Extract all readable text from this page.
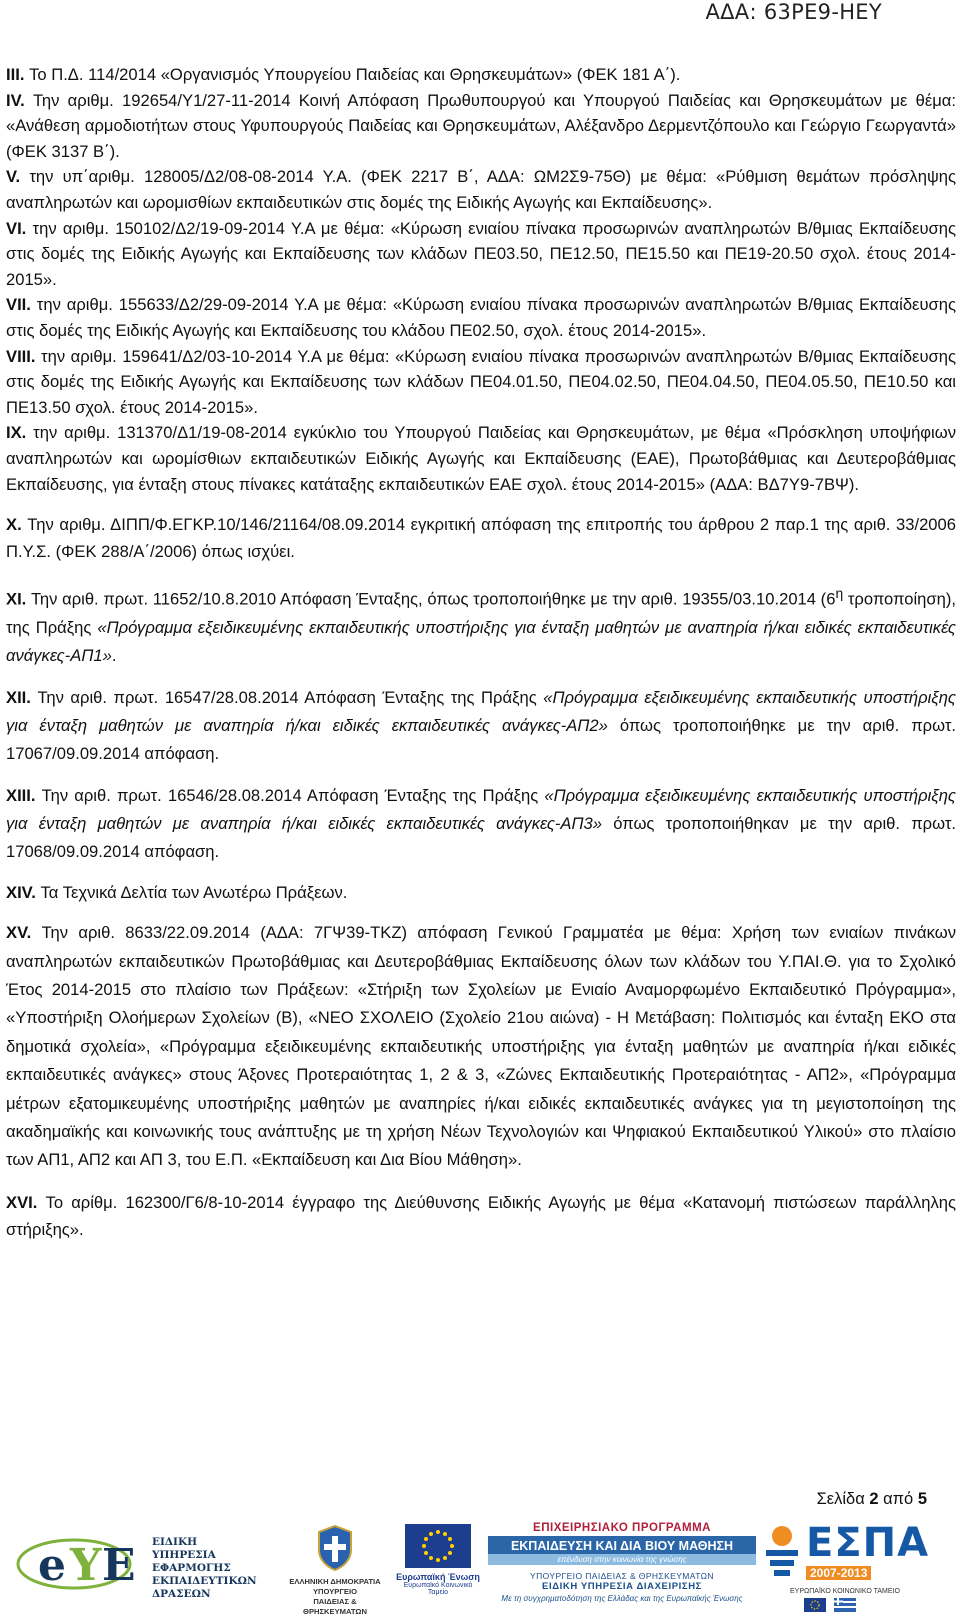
ΑΔΑ: 63ΡΕ9-ΗΕΥ

III. Το Π.Δ. 114/2014 «Οργανισμός Υπουργείου Παιδείας και Θρησκευμάτων» (ΦΕΚ 181 Α΄).

IV. Την αριθμ. 192654/Υ1/27-11-2014 Κοινή Απόφαση Πρωθυπουργού και Υπουργού Παιδείας και Θρησκευμάτων με θέμα: «Ανάθεση αρμοδιοτήτων στους Υφυπουργούς Παιδείας και Θρησκευμάτων, Αλέξανδρο Δερμεντζόπουλο και Γεώργιο Γεωργαντά» (ΦΕΚ 3137 Β΄).

V. την υπ΄αριθμ. 128005/Δ2/08-08-2014 Υ.Α. (ΦΕΚ 2217 Β΄, ΑΔΑ: ΩΜ2Σ9-75Θ) με θέμα: «Ρύθμιση θεμάτων πρόσληψης αναπληρωτών και ωρομισθίων εκπαιδευτικών στις δομές της Ειδικής Αγωγής και Εκπαίδευσης».

VI. την αριθμ. 150102/Δ2/19-09-2014 Υ.Α με θέμα: «Κύρωση ενιαίου πίνακα προσωρινών αναπληρωτών Β/θμιας Εκπαίδευσης στις δομές της Ειδικής Αγωγής και Εκπαίδευσης των κλάδων ΠΕ03.50, ΠΕ12.50, ΠΕ15.50 και ΠΕ19-20.50 σχολ. έτους 2014-2015».

VII. την αριθμ. 155633/Δ2/29-09-2014 Υ.Α με θέμα: «Κύρωση ενιαίου πίνακα προσωρινών αναπληρωτών Β/θμιας Εκπαίδευσης στις δομές της Ειδικής Αγωγής και Εκπαίδευσης του κλάδου ΠΕ02.50, σχολ. έτους 2014-2015».

VIII. την αριθμ. 159641/Δ2/03-10-2014 Υ.Α με θέμα: «Κύρωση ενιαίου πίνακα προσωρινών αναπληρωτών Β/θμιας Εκπαίδευσης στις δομές της Ειδικής Αγωγής και Εκπαίδευσης των κλάδων ΠΕ04.01.50, ΠΕ04.02.50, ΠΕ04.04.50, ΠΕ04.05.50, ΠΕ10.50 και ΠΕ13.50 σχολ. έτους 2014-2015».

IX. την αριθμ. 131370/Δ1/19-08-2014 εγκύκλιο του Υπουργού Παιδείας και Θρησκευμάτων, με θέμα «Πρόσκληση υποψήφιων αναπληρωτών και ωρομίσθιων εκπαιδευτικών Ειδικής Αγωγής και Εκπαίδευσης (ΕΑΕ), Πρωτοβάθμιας και Δευτεροβάθμιας Εκπαίδευσης, για ένταξη στους πίνακες κατάταξης εκπαιδευτικών ΕΑΕ σχολ. έτους 2014-2015» (ΑΔΑ: ΒΔ7Υ9-7ΒΨ).

X. Την αριθμ. ΔΙΠΠ/Φ.ΕΓΚΡ.10/146/21164/08.09.2014 εγκριτική απόφαση της επιτροπής του άρθρου 2 παρ.1 της αριθ. 33/2006 Π.Υ.Σ. (ΦΕΚ 288/Α΄/2006) όπως ισχύει.

XI. Την αριθ. πρωτ. 11652/10.8.2010 Απόφαση Ένταξης, όπως τροποποιήθηκε με την αριθ. 19355/03.10.2014 ($6^\eta$ τροποποίηση), της Πράξης «Πρόγραμμα εξειδικευμένης εκπαιδευτικής υποστήριξης για ένταξη μαθητών με αναπηρία ή/και ειδικές εκπαιδευτικές ανάγκες-ΑΠ1».

XII. Την αριθ. πρωτ. 16547/28.08.2014 Απόφαση Ένταξης της Πράξης «Πρόγραμμα εξειδικευμένης εκπαιδευτικής υποστήριξης για ένταξη μαθητών με αναπηρία ή/και ειδικές εκπαιδευτικές ανάγκες-ΑΠ2» όπως τροποποιήθηκε με την αριθ. πρωτ. 17067/09.09.2014 απόφαση.

XIII. Την αριθ. πρωτ. 16546/28.08.2014 Απόφαση Ένταξης της Πράξης «Πρόγραμμα εξειδικευμένης εκπαιδευτικής υποστήριξης για ένταξη μαθητών με αναπηρία ή/και ειδικές εκπαιδευτικές ανάγκες-ΑΠ3» όπως τροποποιήθηκαν με την αριθ. πρωτ. 17068/09.09.2014 απόφαση.

XIV. Τα Τεχνικά Δελτία των Ανωτέρω Πράξεων.

XV. Την αριθ. 8633/22.09.2014 (ΑΔΑ: 7ΓΨ39-ΤΚΖ) απόφαση Γενικού Γραμματέα με θέμα: Χρήση των ενιαίων πινάκων αναπληρωτών εκπαιδευτικών Πρωτοβάθμιας και Δευτεροβάθμιας Εκπαίδευσης όλων των κλάδων του Υ.ΠΑΙ.Θ. για το Σχολικό Έτος 2014-2015 στο πλαίσιο των Πράξεων: «Στήριξη των Σχολείων με Ενιαίο Αναμορφωμένο Εκπαιδευτικό Πρόγραμμα», «Υποστήριξη Ολοήμερων Σχολείων (Β), «ΝΕΟ ΣΧΟΛΕΙΟ (Σχολείο 21ου αιώνα) - Η Μετάβαση: Πολιτισμός και ένταξη ΕΚΟ στα δημοτικά σχολεία», «Πρόγραμμα εξειδικευμένης εκπαιδευτικής υποστήριξης για ένταξη μαθητών με αναπηρία ή/και ειδικές εκπαιδευτικές ανάγκες» στους Άξονες Προτεραιότητας 1, 2 & 3, «Ζώνες Εκπαιδευτικής Προτεραιότητας - ΑΠ2», «Πρόγραμμα μέτρων εξατομικευμένης υποστήριξης μαθητών με αναπηρίες ή/και ειδικές εκπαιδευτικές ανάγκες για τη μεγιστοποίηση της ακαδημαϊκής και κοινωνικής τους ανάπτυξης με τη χρήση Νέων Τεχνολογιών και Ψηφιακού Εκπαιδευτικού Υλικού» στο πλαίσιο των ΑΠ1, ΑΠ2 και ΑΠ 3, του Ε.Π. «Εκπαίδευση και Δια Βίου Μάθηση».

XVI. Το αρίθμ. 162300/Γ6/8-10-2014 έγγραφο της Διεύθυνσης Ειδικής Αγωγής με θέμα «Κατανομή πιστώσεων παράλληλης στήριξης».

Σελίδα 2 από 5
e Y E ΕΙΔΙΚΗ
ΥΠΗΡΕΣΙΑ
ΕΦΑΡΜΟΓΗΣ
ΕΚΠΑΙΔΕΥΤΙΚΩΝ
ΔΡΑΣΕΩΝ
ΕΛΛΗΝΙΚΗ ΔΗΜΟΚΡΑΤΙΑ
ΥΠΟΥΡΓΕΙΟ
ΠΑΙΔΕΙΑΣ & ΘΡΗΣΚΕΥΜΑΤΩΝ
Ευρωπαϊκή Ένωση
Ευρωπαϊκό Κοινωνικό Ταμείο
ΕΠΙΧΕΙΡΗΣΙΑΚΟ ΠΡΟΓΡΑΜΜΑ
ΕΚΠΑΙΔΕΥΣΗ ΚΑΙ ΔΙΑ ΒΙΟΥ ΜΑΘΗΣΗ
επένδυση στην κοινωνία της γνώσης
ΥΠΟΥΡΓΕΙΟ ΠΑΙΔΕΙΑΣ & ΘΡΗΣΚΕΥΜΑΤΩΝ
ΕΙΔΙΚΗ ΥΠΗΡΕΣΙΑ ΔΙΑΧΕΙΡΙΣΗΣ
Με τη συγχρηματοδότηση της Ελλάδας και της Ευρωπαϊκής Ένωσης
ΕΣΠΑ
2007-2013
ΕΥΡΩΠΑΪΚΟ ΚΟΙΝΩΝΙΚΟ ΤΑΜΕΙΟ
